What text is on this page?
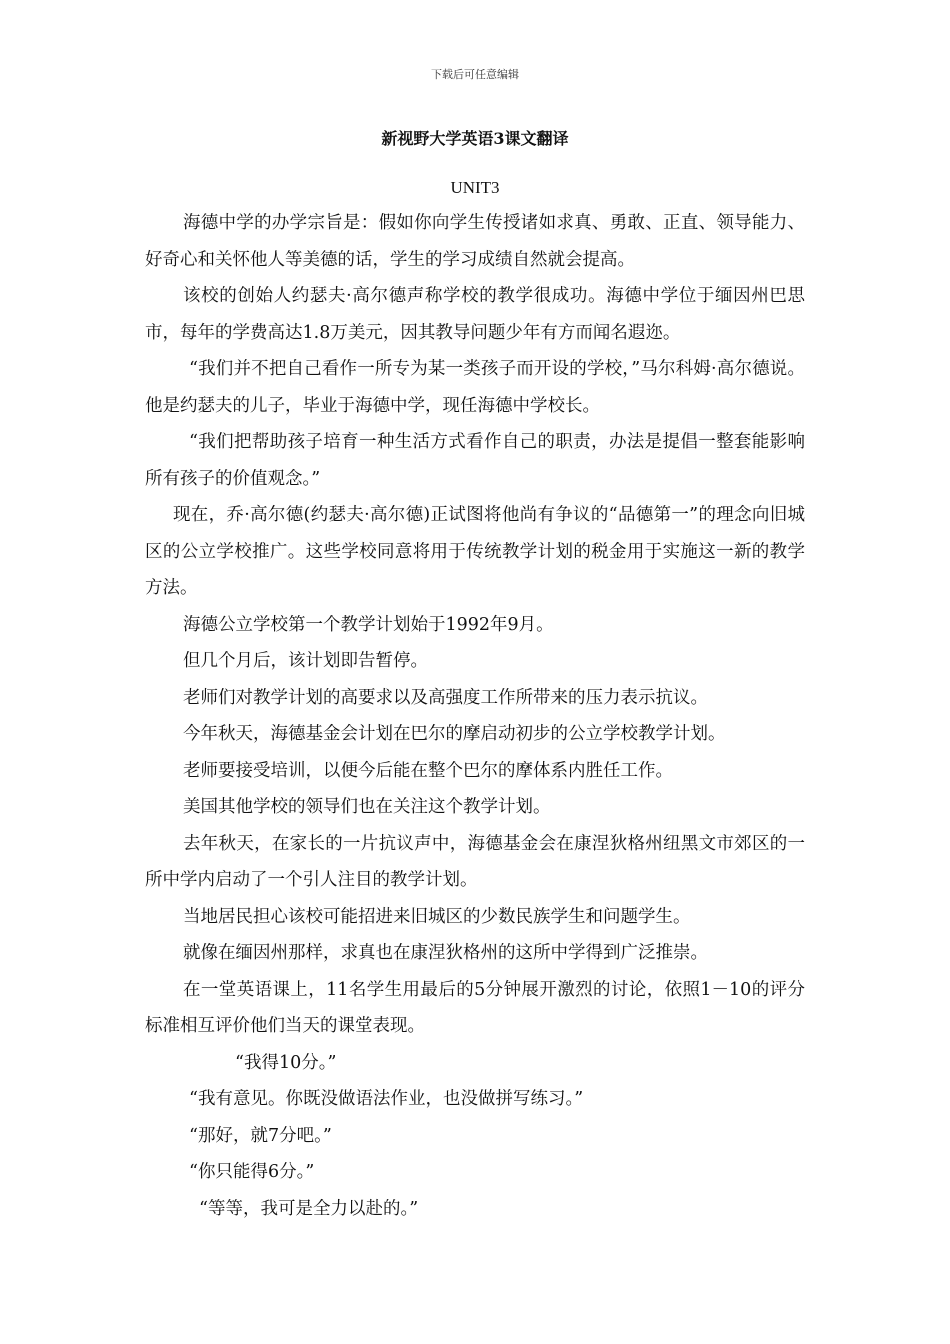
下载后可任意编辑
新视野大学英语3课文翻译
UNIT3

海德中学的办学宗旨是：假如你向学生传授诸如求真、勇敢、正直、领导能力、好奇心和关怀他人等美德的话，学生的学习成绩自然就会提高。

该校的创始人约瑟夫·高尔德声称学校的教学很成功。海德中学位于缅因州巴思市，每年的学费高达1.8万美元，因其教导问题少年有方而闻名遐迩。

“我们并不把自己看作一所专为某一类孩子而开设的学校，”马尔科姆·高尔德说。他是约瑟夫的儿子，毕业于海德中学，现任海德中学校长。

“我们把帮助孩子培育一种生活方式看作自己的职责，办法是提倡一整套能影响所有孩子的价值观念。”

现在，乔·高尔德(约瑟夫·高尔德)正试图将他尚有争议的“品德第一”的理念向旧城区的公立学校推广。这些学校同意将用于传统教学计划的税金用于实施这一新的教学方法。

海德公立学校第一个教学计划始于1992年9月。

但几个月后，该计划即告暂停。

老师们对教学计划的高要求以及高强度工作所带来的压力表示抗议。

今年秋天，海德基金会计划在巴尔的摩启动初步的公立学校教学计划。

老师要接受培训，以便今后能在整个巴尔的摩体系内胜任工作。

美国其他学校的领导们也在关注这个教学计划。

去年秋天，在家长的一片抗议声中，海德基金会在康涅狄格州纽黑文市郊区的一所中学内启动了一个引人注目的教学计划。

当地居民担心该校可能招进来旧城区的少数民族学生和问题学生。

就像在缅因州那样，求真也在康涅狄格州的这所中学得到广泛推崇。

在一堂英语课上，11名学生用最后的5分钟展开激烈的讨论，依照1－10的评分标准相互评价他们当天的课堂表现。

“我得10分。”

“我有意见。你既没做语法作业，也没做拼写练习。”

“那好，就7分吧。”

“你只能得6分。”

“等等，我可是全力以赴的。”
